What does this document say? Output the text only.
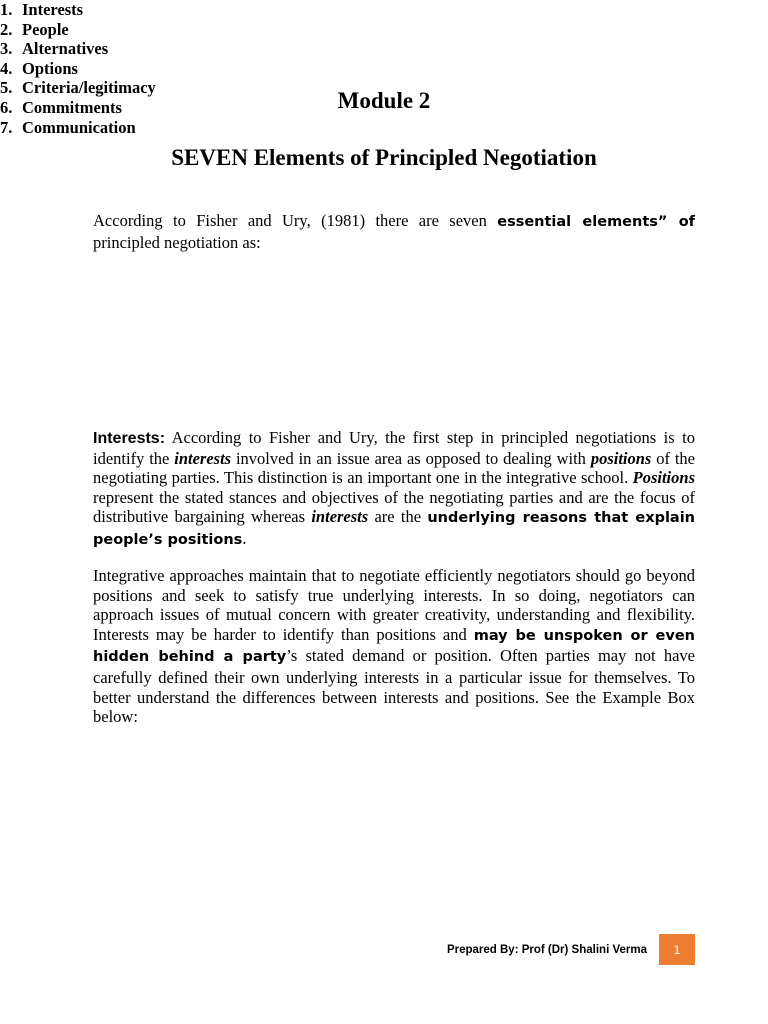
Module 2
SEVEN Elements of Principled Negotiation

According to Fisher and Ury, (1981) there are seven essential elements” of principled negotiation as:

1. Interests
2. People
3. Alternatives
4. Options
5. Criteria/legitimacy
6. Commitments
7. Communication

Interests: According to Fisher and Ury, the first step in principled negotiations is to identify the interests involved in an issue area as opposed to dealing with positions of the negotiating parties. This distinction is an important one in the integrative school. Positions represent the stated stances and objectives of the negotiating parties and are the focus of distributive bargaining whereas interests are the underlying reasons that explain people’s positions.

Integrative approaches maintain that to negotiate efficiently negotiators should go beyond positions and seek to satisfy true underlying interests. In so doing, negotiators can approach issues of mutual concern with greater creativity, understanding and flexibility. Interests may be harder to identify than positions and may be unspoken or even hidden behind a party’s stated demand or position. Often parties may not have carefully defined their own underlying interests in a particular issue for themselves. To better understand the differences between interests and positions. See the Example Box below:

Prepared By: Prof (Dr) Shalini Verma	1
